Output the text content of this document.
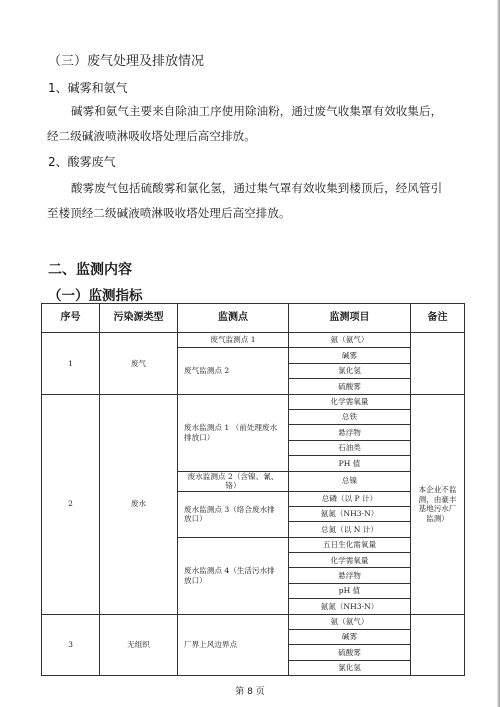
（三）废气处理及排放情况
1、碱雾和氨气
碱雾和氨气主要来自除油工序使用除油粉，通过废气收集罩有效收集后，
经二级碱液喷淋吸收塔处理后高空排放。
2、酸雾废气
酸雾废气包括硫酸雾和氯化氢，通过集气罩有效收集到楼顶后，经风管引
至楼顶经二级碱液喷淋吸收塔处理后高空排放。
二、监测内容
（一）监测指标
序号	污染源类型	监测点	监测项目	备注
1	废气	废气监测点 1	氨（氨气）	
		废气监测点 2	碱雾	
			氯化氢	
			硫酸雾	
2	废水	废水监测点 1 （前处理废水排放口）	化学需氧量	本企业不监测，由豪丰基地污水厂监测）
			总铁	
			悬浮物	
			石油类	
			PH 值	
		废水监测点 2（含镍、氰、铬）	总镍	
		废水监测点 3（络合废水排放口）	总磷（以 P 计）	
			氨氮（NH3-N）	
			总氮（以 N 计）	
		废水监测点 4（生活污水排放口）	五日生化需氧量	
			化学需氧量	
			悬浮物	
			pH 值	
			氨氮（NH3-N）	
3	无组织	厂界上风边界点	氨（氨气）	
			碱雾	
			硫酸雾	
			氯化氢	
第 8 页
